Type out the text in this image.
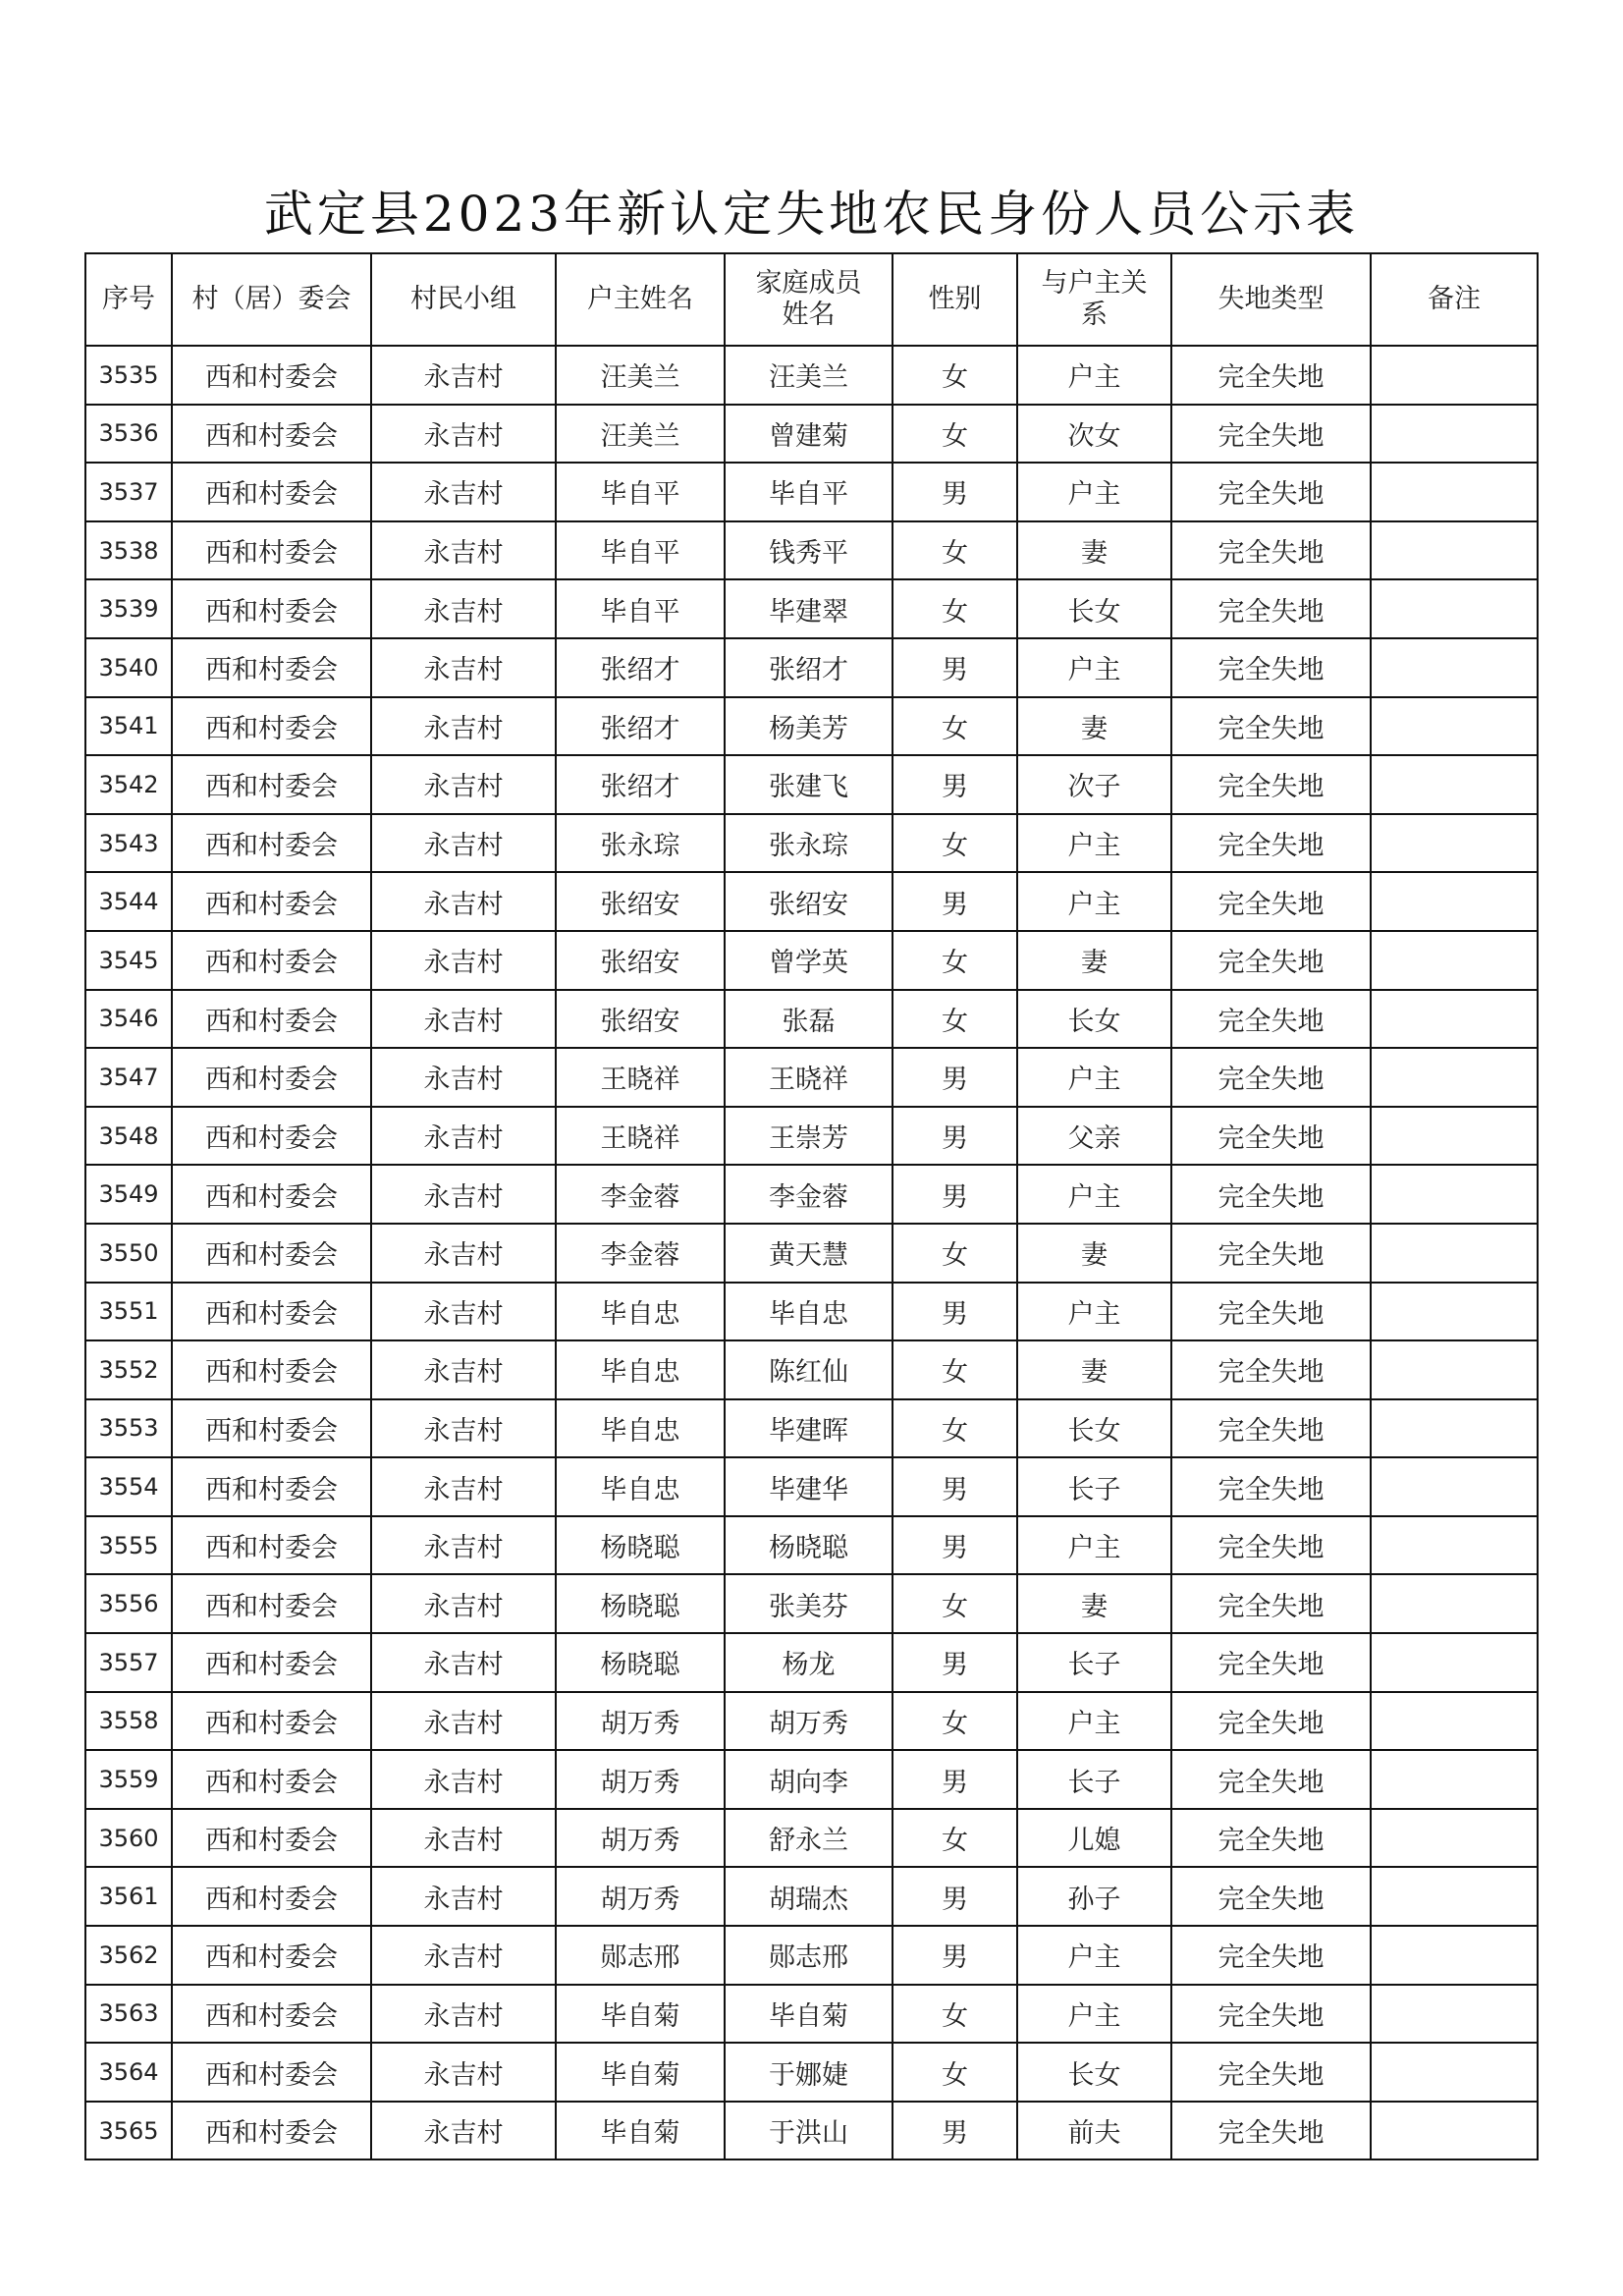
武定县2023年新认定失地农民身份人员公示表
序号	村（居）委会	村民小组	户主姓名	家庭成员姓名	性别	与户主关系	失地类型	备注
3535	西和村委会	永吉村	汪美兰	汪美兰	女	户主	完全失地	
3536	西和村委会	永吉村	汪美兰	曾建菊	女	次女	完全失地	
3537	西和村委会	永吉村	毕自平	毕自平	男	户主	完全失地	
3538	西和村委会	永吉村	毕自平	钱秀平	女	妻	完全失地	
3539	西和村委会	永吉村	毕自平	毕建翠	女	长女	完全失地	
3540	西和村委会	永吉村	张绍才	张绍才	男	户主	完全失地	
3541	西和村委会	永吉村	张绍才	杨美芳	女	妻	完全失地	
3542	西和村委会	永吉村	张绍才	张建飞	男	次子	完全失地	
3543	西和村委会	永吉村	张永琮	张永琮	女	户主	完全失地	
3544	西和村委会	永吉村	张绍安	张绍安	男	户主	完全失地	
3545	西和村委会	永吉村	张绍安	曾学英	女	妻	完全失地	
3546	西和村委会	永吉村	张绍安	张磊	女	长女	完全失地	
3547	西和村委会	永吉村	王晓祥	王晓祥	男	户主	完全失地	
3548	西和村委会	永吉村	王晓祥	王崇芳	男	父亲	完全失地	
3549	西和村委会	永吉村	李金蓉	李金蓉	男	户主	完全失地	
3550	西和村委会	永吉村	李金蓉	黄天慧	女	妻	完全失地	
3551	西和村委会	永吉村	毕自忠	毕自忠	男	户主	完全失地	
3552	西和村委会	永吉村	毕自忠	陈红仙	女	妻	完全失地	
3553	西和村委会	永吉村	毕自忠	毕建晖	女	长女	完全失地	
3554	西和村委会	永吉村	毕自忠	毕建华	男	长子	完全失地	
3555	西和村委会	永吉村	杨晓聪	杨晓聪	男	户主	完全失地	
3556	西和村委会	永吉村	杨晓聪	张美芬	女	妻	完全失地	
3557	西和村委会	永吉村	杨晓聪	杨龙	男	长子	完全失地	
3558	西和村委会	永吉村	胡万秀	胡万秀	女	户主	完全失地	
3559	西和村委会	永吉村	胡万秀	胡向李	男	长子	完全失地	
3560	西和村委会	永吉村	胡万秀	舒永兰	女	儿媳	完全失地	
3561	西和村委会	永吉村	胡万秀	胡瑞杰	男	孙子	完全失地	
3562	西和村委会	永吉村	郧志邢	郧志邢	男	户主	完全失地	
3563	西和村委会	永吉村	毕自菊	毕自菊	女	户主	完全失地	
3564	西和村委会	永吉村	毕自菊	于娜婕	女	长女	完全失地	
3565	西和村委会	永吉村	毕自菊	于洪山	男	前夫	完全失地	
